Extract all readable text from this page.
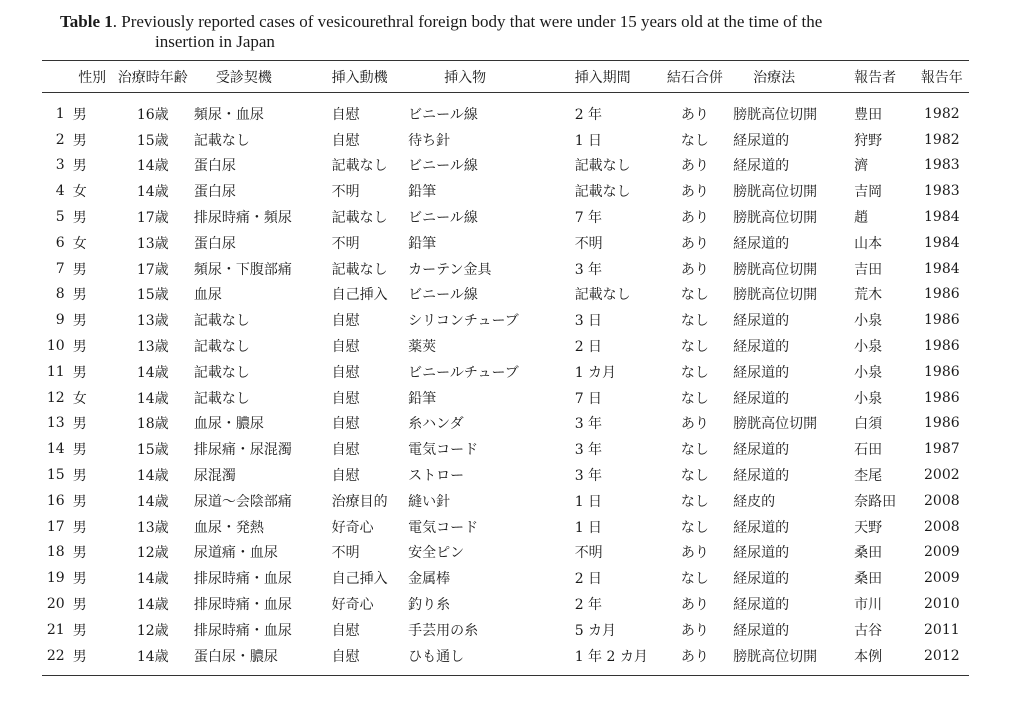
Table 1. Previously reported cases of vesicourethral foreign body that were under 15 years old at the time of the
insertion in Japan
	性別	治療時年齢	受診契機	挿入動機	挿入物	挿入期間	結石合併	治療法	報告者	報告年
1	男	16歳	頻尿・血尿	自慰	ビニール線	2 年	あり	膀胱高位切開	豊田	1982
2	男	15歳	記載なし	自慰	待ち針	1 日	なし	経尿道的	狩野	1982
3	男	14歳	蛋白尿	記載なし	ビニール線	記載なし	あり	経尿道的	濟	1983
4	女	14歳	蛋白尿	不明	鉛筆	記載なし	あり	膀胱高位切開	吉岡	1983
5	男	17歳	排尿時痛・頻尿	記載なし	ビニール線	7 年	あり	膀胱高位切開	趙	1984
6	女	13歳	蛋白尿	不明	鉛筆	不明	あり	経尿道的	山本	1984
7	男	17歳	頻尿・下腹部痛	記載なし	カーテン金具	3 年	あり	膀胱高位切開	吉田	1984
8	男	15歳	血尿	自己挿入	ビニール線	記載なし	なし	膀胱高位切開	荒木	1986
9	男	13歳	記載なし	自慰	シリコンチューブ	3 日	なし	経尿道的	小泉	1986
10	男	13歳	記載なし	自慰	薬莢	2 日	なし	経尿道的	小泉	1986
11	男	14歳	記載なし	自慰	ビニールチューブ	1 カ月	なし	経尿道的	小泉	1986
12	女	14歳	記載なし	自慰	鉛筆	7 日	なし	経尿道的	小泉	1986
13	男	18歳	血尿・膿尿	自慰	糸ハンダ	3 年	あり	膀胱高位切開	白須	1986
14	男	15歳	排尿痛・尿混濁	自慰	電気コード	3 年	なし	経尿道的	石田	1987
15	男	14歳	尿混濁	自慰	ストロー	3 年	なし	経尿道的	杢尾	2002
16	男	14歳	尿道～会陰部痛	治療目的	縫い針	1 日	なし	経皮的	奈路田	2008
17	男	13歳	血尿・発熱	好奇心	電気コード	1 日	なし	経尿道的	天野	2008
18	男	12歳	尿道痛・血尿	不明	安全ピン	不明	あり	経尿道的	桑田	2009
19	男	14歳	排尿時痛・血尿	自己挿入	金属棒	2 日	なし	経尿道的	桑田	2009
20	男	14歳	排尿時痛・血尿	好奇心	釣り糸	2 年	あり	経尿道的	市川	2010
21	男	12歳	排尿時痛・血尿	自慰	手芸用の糸	5 カ月	あり	経尿道的	古谷	2011
22	男	14歳	蛋白尿・膿尿	自慰	ひも通し	1 年 2 カ月	あり	膀胱高位切開	本例	2012
